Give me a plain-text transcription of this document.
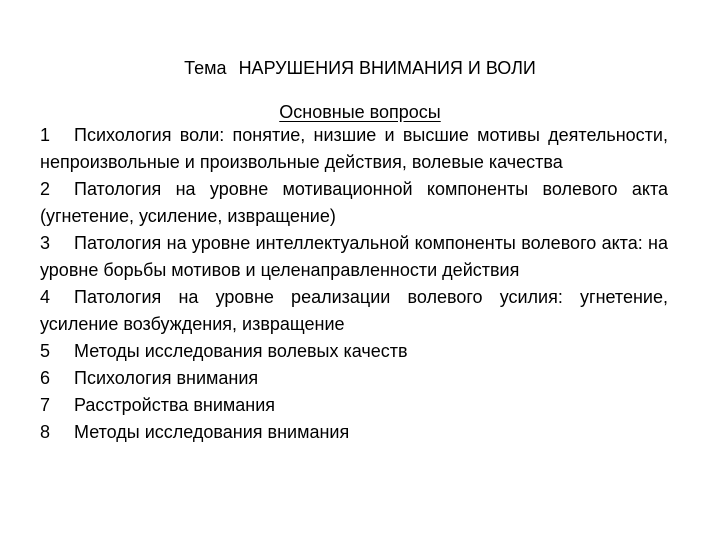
Тема НАРУШЕНИЯ ВНИМАНИЯ И ВОЛИ
Основные вопросы
1 Психология воли: понятие, низшие и высшие мотивы деятельности, непроизвольные и произвольные действия, волевые качества
2 Патология на уровне мотивационной компоненты волевого акта (угнетение, усиление, извращение)
3 Патология на уровне интеллектуальной компоненты волевого акта: на уровне борьбы мотивов и целенаправленности действия
4 Патология на уровне реализации волевого усилия: угнетение, усиление возбуждения, извращение
5 Методы исследования волевых качеств
6 Психология внимания
7 Расстройства внимания
8 Методы исследования внимания
